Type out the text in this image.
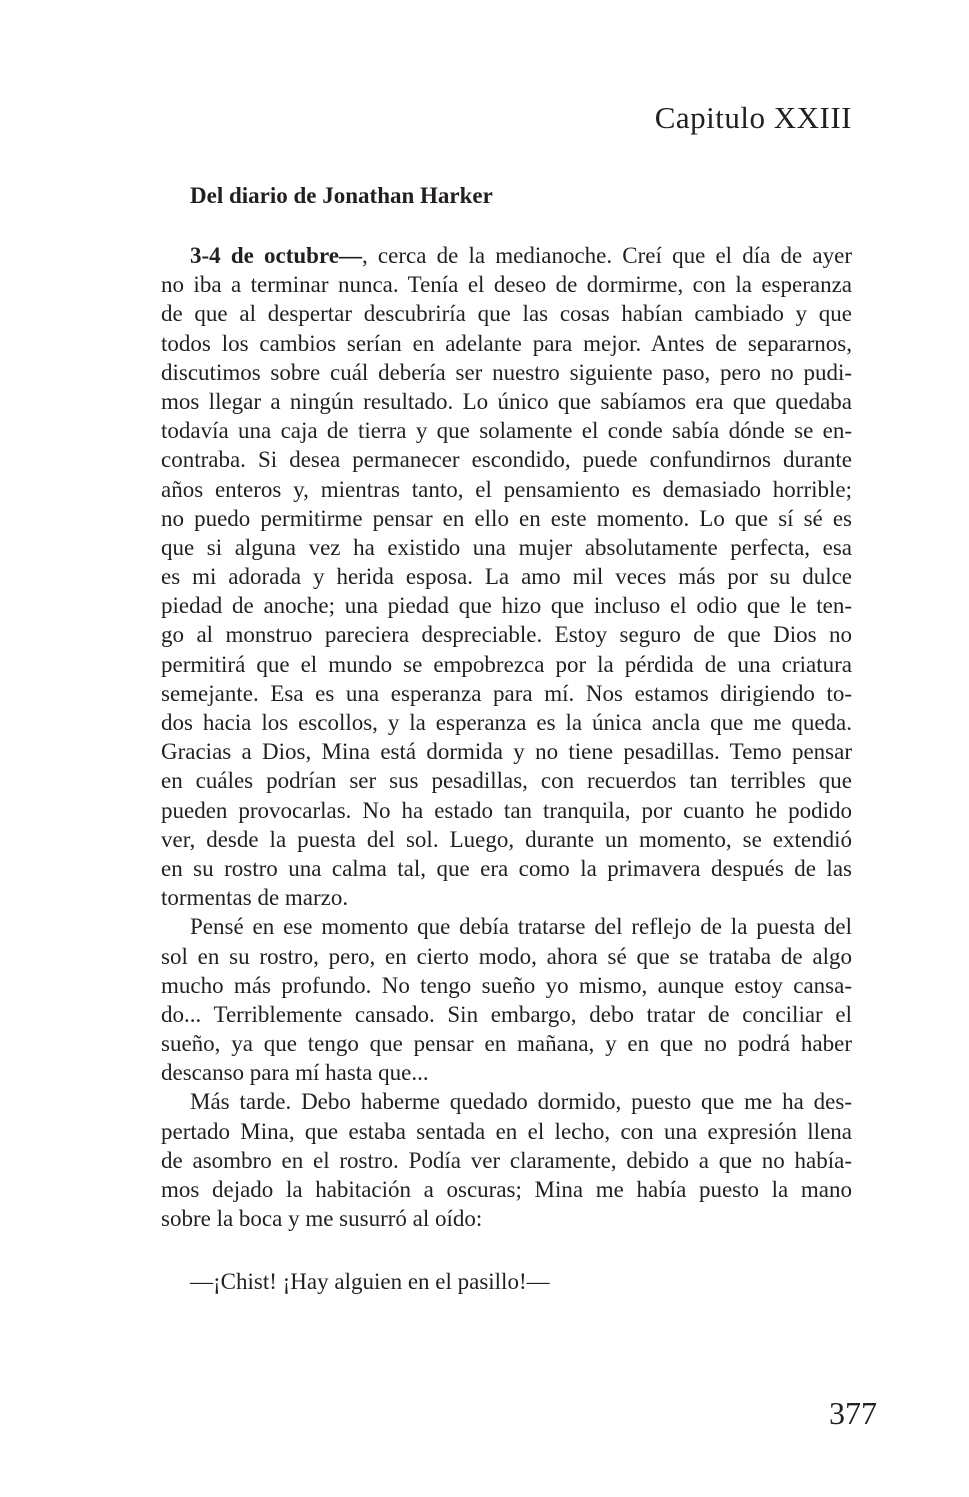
Capitulo XXIII
Del diario de Jonathan Harker
3-4 de octubre—, cerca de la medianoche. Creí que el día de ayer
no iba a terminar nunca. Tenía el deseo de dormirme, con la esperanza
de que al despertar descubriría que las cosas habían cambiado y que
todos los cambios serían en adelante para mejor. Antes de separarnos,
discutimos sobre cuál debería ser nuestro siguiente paso, pero no pudi-
mos llegar a ningún resultado. Lo único que sabíamos era que quedaba
todavía una caja de tierra y que solamente el conde sabía dónde se en-
contraba. Si desea permanecer escondido, puede confundirnos durante
años enteros y, mientras tanto, el pensamiento es demasiado horrible;
no puedo permitirme pensar en ello en este momento. Lo que sí sé es
que si alguna vez ha existido una mujer absolutamente perfecta, esa
es mi adorada y herida esposa. La amo mil veces más por su dulce
piedad de anoche; una piedad que hizo que incluso el odio que le ten-
go al monstruo pareciera despreciable. Estoy seguro de que Dios no
permitirá que el mundo se empobrezca por la pérdida de una criatura
semejante. Esa es una esperanza para mí. Nos estamos dirigiendo to-
dos hacia los escollos, y la esperanza es la única ancla que me queda.
Gracias a Dios, Mina está dormida y no tiene pesadillas. Temo pensar
en cuáles podrían ser sus pesadillas, con recuerdos tan terribles que
pueden provocarlas. No ha estado tan tranquila, por cuanto he podido
ver, desde la puesta del sol. Luego, durante un momento, se extendió
en su rostro una calma tal, que era como la primavera después de las
tormentas de marzo.
Pensé en ese momento que debía tratarse del reflejo de la puesta del
sol en su rostro, pero, en cierto modo, ahora sé que se trataba de algo
mucho más profundo. No tengo sueño yo mismo, aunque estoy cansa-
do... Terriblemente cansado. Sin embargo, debo tratar de conciliar el
sueño, ya que tengo que pensar en mañana, y en que no podrá haber
descanso para mí hasta que...
Más tarde. Debo haberme quedado dormido, puesto que me ha des-
pertado Mina, que estaba sentada en el lecho, con una expresión llena
de asombro en el rostro. Podía ver claramente, debido a que no había-
mos dejado la habitación a oscuras; Mina me había puesto la mano
sobre la boca y me susurró al oído:
—¡Chist! ¡Hay alguien en el pasillo!—
377
